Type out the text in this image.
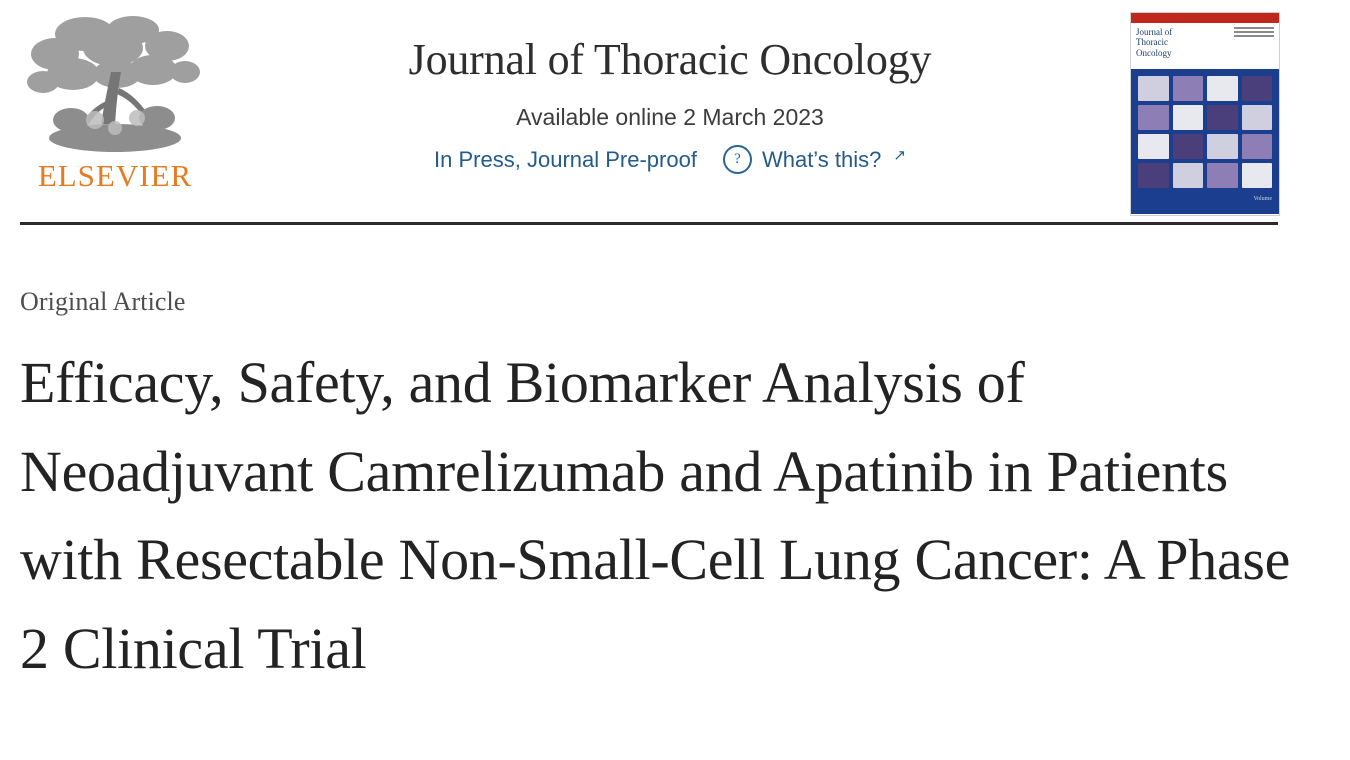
ELSEVIER
Journal of Thoracic Oncology
Available online 2 March 2023
In Press, Journal Pre-proof	? What’s this? ↗
Journal of
Thoracic
Oncology
Volume
Original Article
Efficacy, Safety, and Biomarker Analysis of Neoadjuvant Camrelizumab and Apatinib in Patients with Resectable Non-Small-Cell Lung Cancer: A Phase 2 Clinical Trial
